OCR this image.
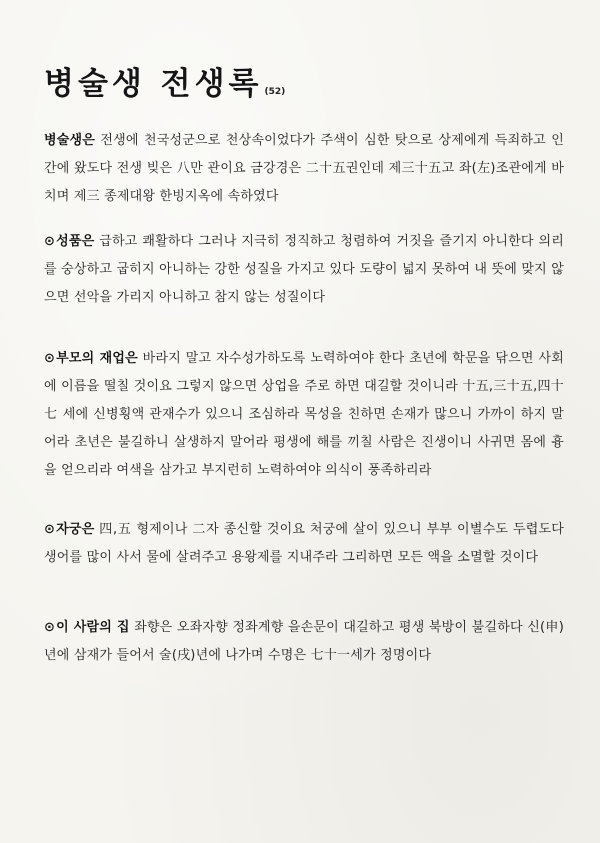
병술생 전생록 (52)

병술생은 전생에 천국성군으로 천상속이었다가 주색이 심한 탓으로 상제에게 득죄하고 인간에 왔도다 전생 빚은 八만 관이요 금강경은 二十五권인데 제三十五고 좌(左)조관에게 바치며 제三 종제대왕 한빙지옥에 속하였다

⊙성품은 급하고 쾌활하다 그러나 지극히 정직하고 청렴하여 거짓을 즐기지 아니한다 의리를 숭상하고 굽히지 아니하는 강한 성질을 가지고 있다 도량이 넓지 못하여 내 뜻에 맞지 않으면 선악을 가리지 아니하고 참지 않는 성질이다

⊙부모의 재업은 바라지 말고 자수성가하도록 노력하여야 한다 초년에 학문을 닦으면 사회에 이름을 떨칠 것이요 그렇지 않으면 상업을 주로 하면 대길할 것이니라 十五,三十五,四十七 세에 신병횡액 관재수가 있으니 조심하라 목성을 친하면 손재가 많으니 가까이 하지 말어라 초년은 불길하니 살생하지 말어라 평생에 해를 끼칠 사람은 진생이니 사귀면 몸에 흉을 얻으리라 여색을 삼가고 부지런히 노력하여야 의식이 풍족하리라

⊙자궁은 四,五 형제이나 二자 종신할 것이요 처궁에 살이 있으니 부부 이별수도 두렵도다 생어를 많이 사서 물에 살려주고 용왕제를 지내주라 그리하면 모든 액을 소멸할 것이다

⊙이 사람의 집 좌향은 오좌자향 정좌계향 을손문이 대길하고 평생 북방이 불길하다 신(申)년에 삼재가 들어서 술(戌)년에 나가며 수명은 七十一세가 정명이다
